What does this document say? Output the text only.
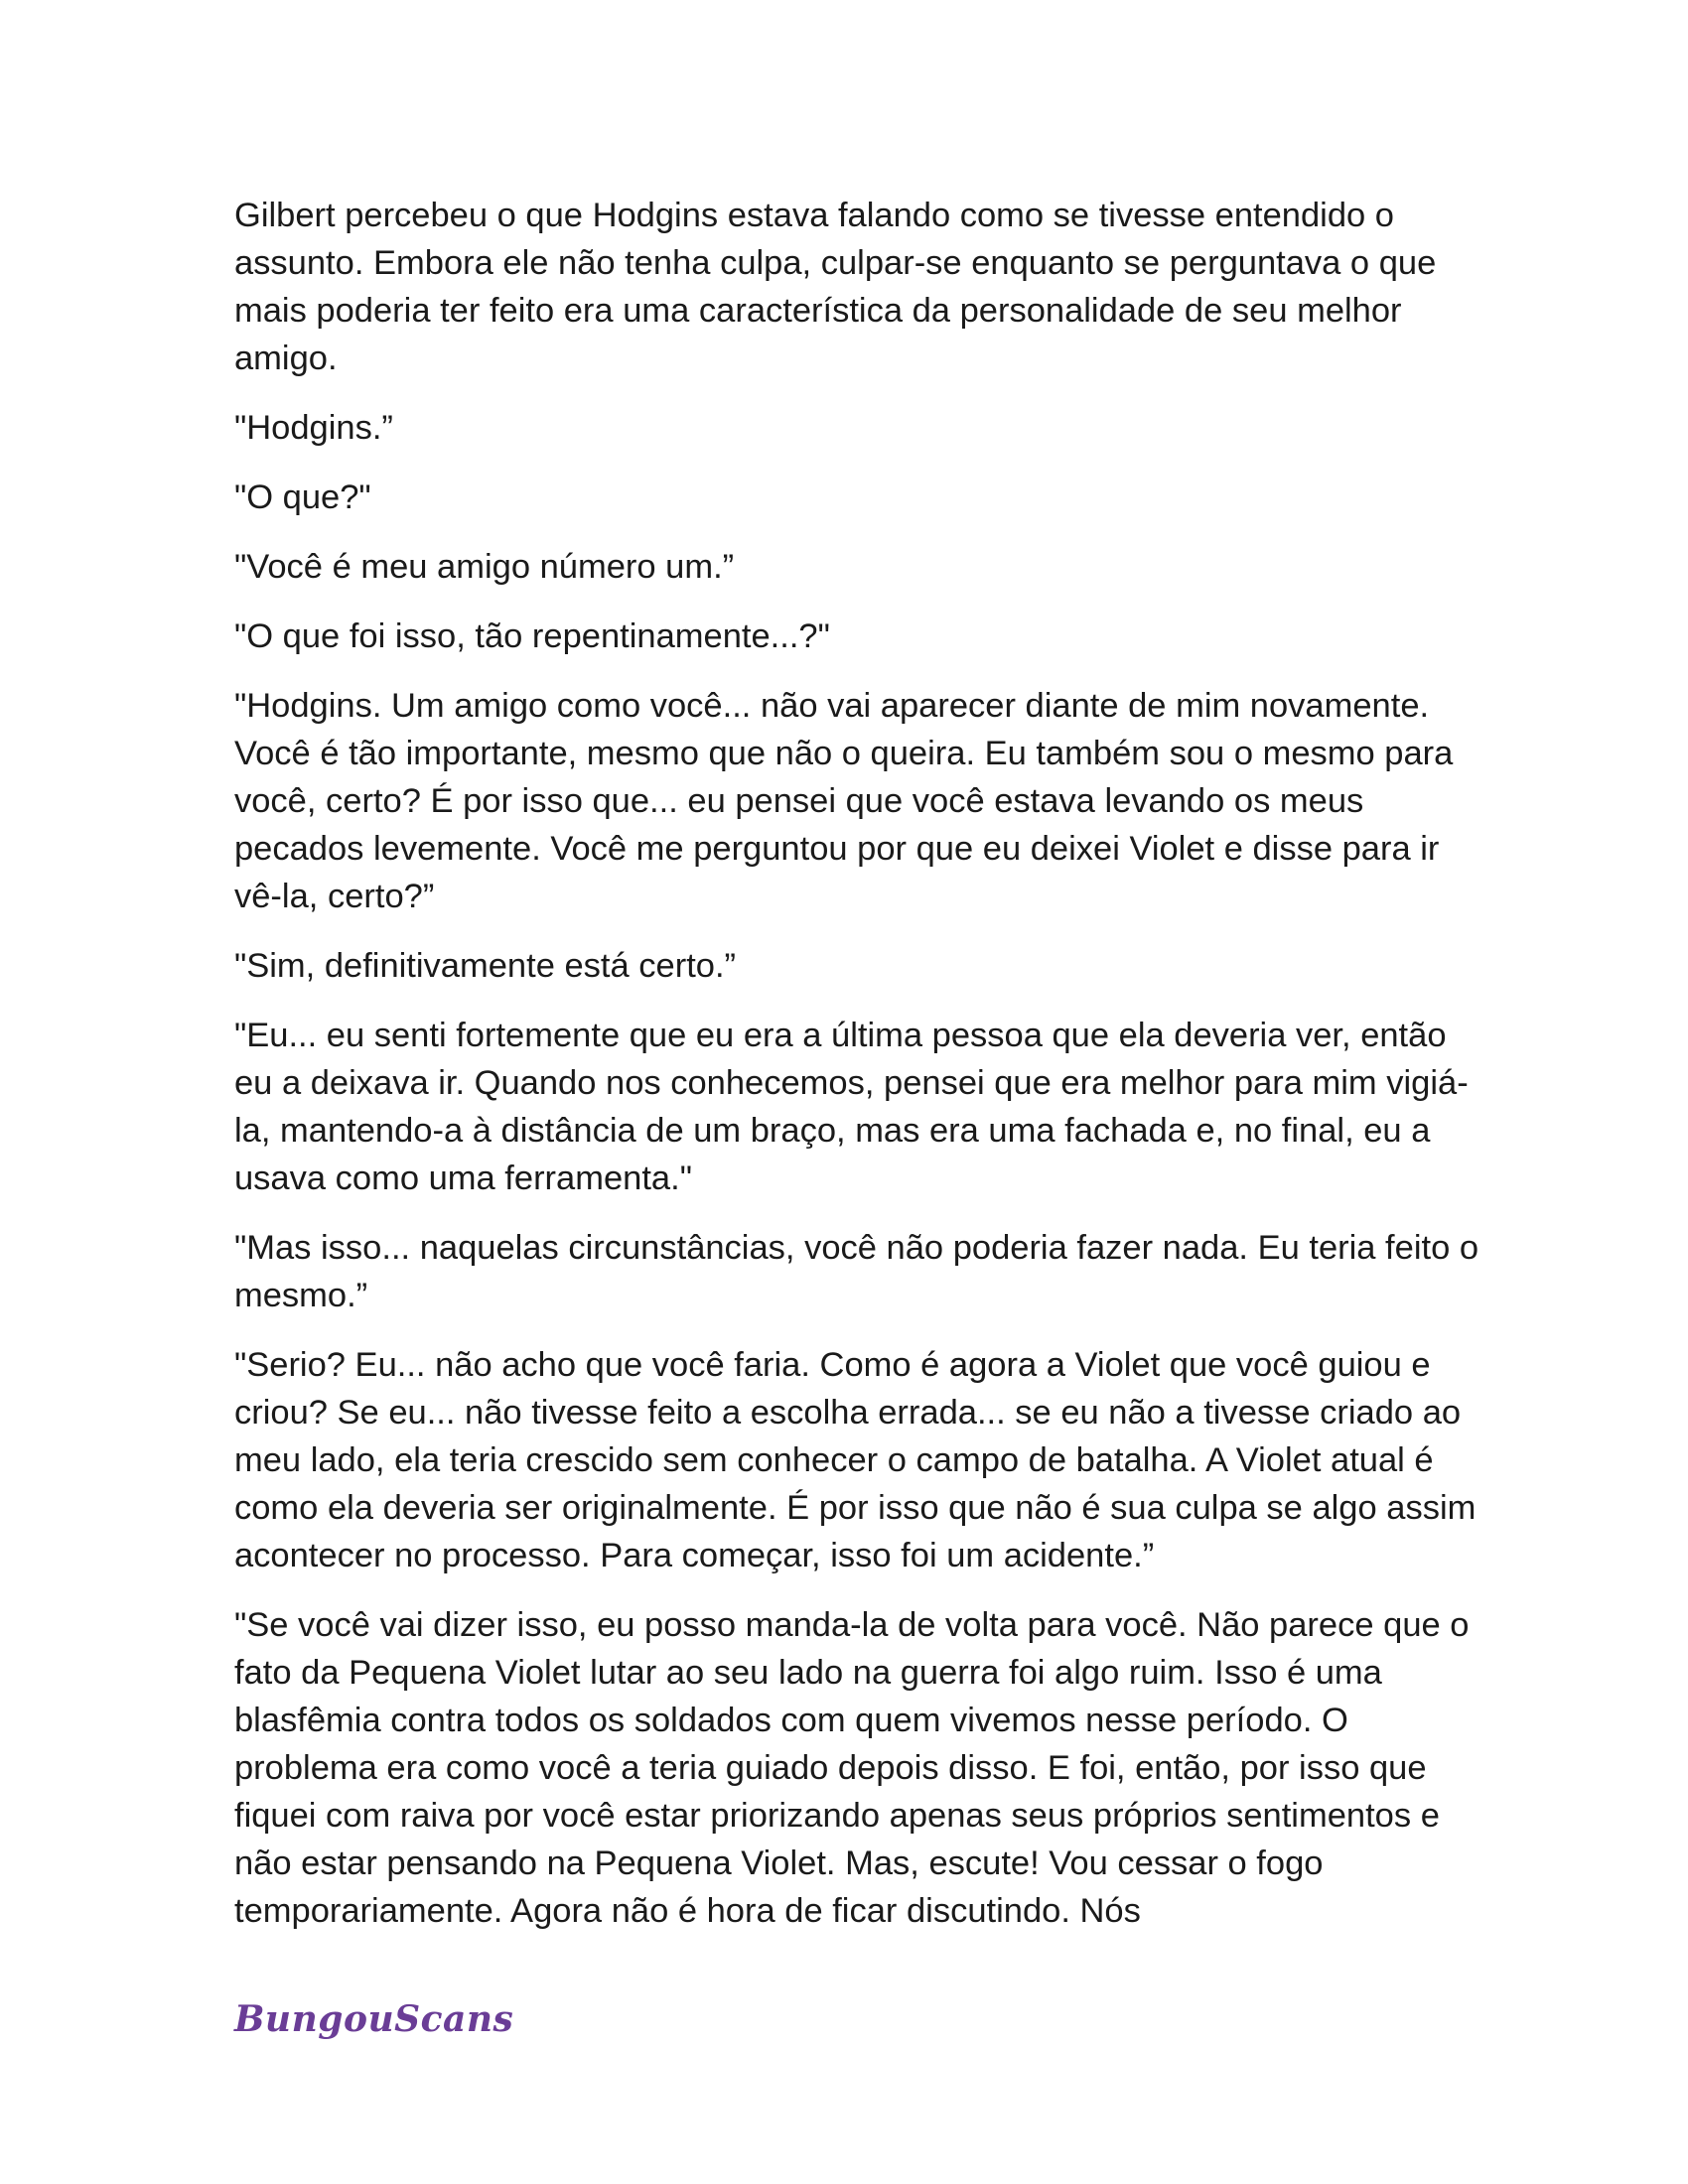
Gilbert percebeu o que Hodgins estava falando como se tivesse entendido o assunto. Embora ele não tenha culpa, culpar-se enquanto se perguntava o que mais poderia ter feito era uma característica da personalidade de seu melhor amigo.

"Hodgins.”

"O que?"

"Você é meu amigo número um.”

"O que foi isso, tão repentinamente...?"

"Hodgins. Um amigo como você... não vai aparecer diante de mim novamente. Você é tão importante, mesmo que não o queira. Eu também sou o mesmo para você, certo? É por isso que... eu pensei que você estava levando os meus pecados levemente. Você me perguntou por que eu deixei Violet e disse para ir vê-la, certo?”

"Sim, definitivamente está certo.”

"Eu... eu senti fortemente que eu era a última pessoa que ela deveria ver, então eu a deixava ir. Quando nos conhecemos, pensei que era melhor para mim vigiá-la, mantendo-a à distância de um braço, mas era uma fachada e, no final, eu a usava como uma ferramenta."

"Mas isso... naquelas circunstâncias, você não poderia fazer nada. Eu teria feito o mesmo.”

"Serio? Eu... não acho que você faria. Como é agora a Violet que você guiou e criou? Se eu... não tivesse feito a escolha errada... se eu não a tivesse criado ao meu lado, ela teria crescido sem conhecer o campo de batalha. A Violet atual é como ela deveria ser originalmente. É por isso que não é sua culpa se algo assim acontecer no processo. Para começar, isso foi um acidente.”

"Se você vai dizer isso, eu posso manda-la de volta para você. Não parece que o fato da Pequena Violet lutar ao seu lado na guerra foi algo ruim. Isso é uma blasfêmia contra todos os soldados com quem vivemos nesse período. O problema era como você a teria guiado depois disso. E foi, então, por isso que fiquei com raiva por você estar priorizando apenas seus próprios sentimentos e não estar pensando na Pequena Violet. Mas, escute! Vou cessar o fogo temporariamente. Agora não é hora de ficar discutindo. Nós

BungouScans
